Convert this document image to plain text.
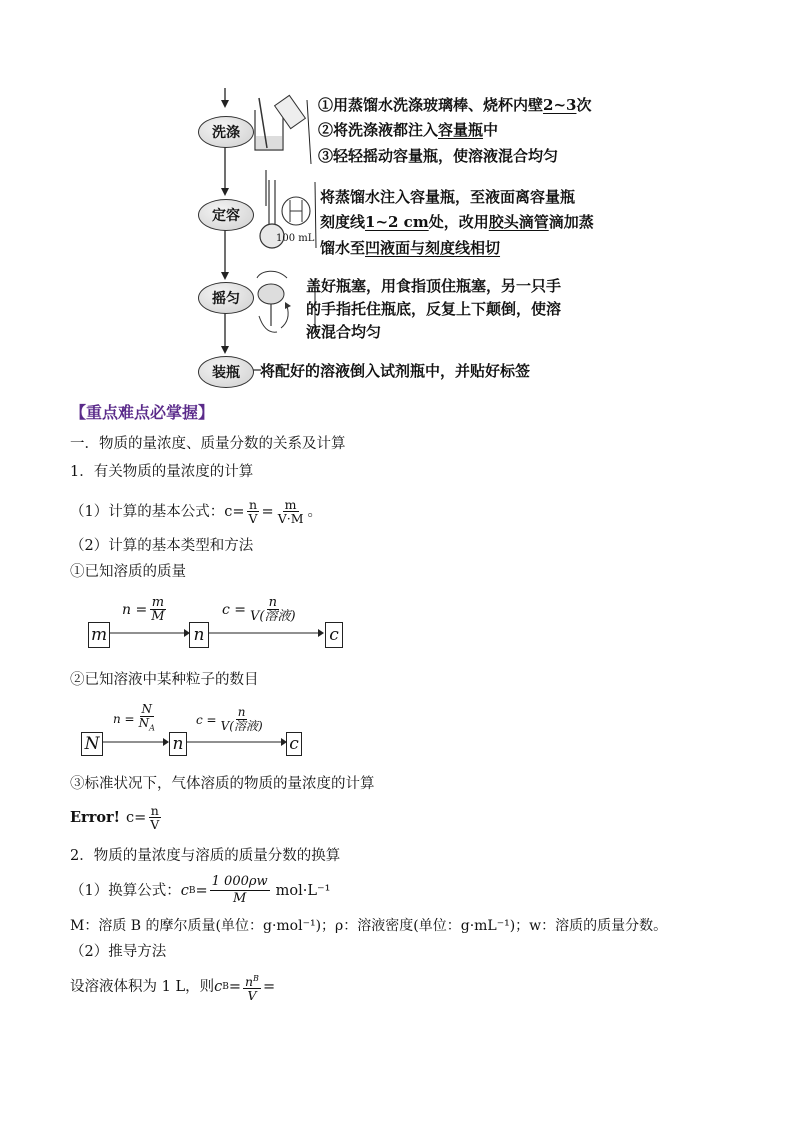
100 mL
洗涤
定容
摇匀
装瓶
①用蒸馏水洗涤玻璃棒、烧杯内壁2~3次
②将洗涤液都注入容量瓶中
③轻轻摇动容量瓶，使溶液混合均匀
将蒸馏水注入容量瓶，至液面离容量瓶
刻度线1~2 cm处，改用胶头滴管滴加蒸
馏水至凹液面与刻度线相切
盖好瓶塞，用食指顶住瓶塞，另一只手
的手指托住瓶底，反复上下颠倒，使溶
液混合均匀
将配好的溶液倒入试剂瓶中，并贴好标签
【重点难点必掌握】
一．物质的量浓度、质量分数的关系及计算
1．有关物质的量浓度的计算
（1）计算的基本公式：$c= \frac{n}{V} = \frac{m}{V\cdot M}$ 。
（2）计算的基本类型和方法
①已知溶质的质量
m	n	c
$n = \frac{m}{M}$	$c = \frac{n}{\text{V(溶液)}}$
②已知溶液中某种粒子的数目
N	n	c
$n = \frac{N}{N_A}$	$c = \frac{n}{\text{V(溶液)}}$
③标准状况下，气体溶质的物质的量浓度的计算
Error! $c= \frac{n}{V}$
2．物质的量浓度与溶质的质量分数的换算
（1）换算公式： c $B = \frac{1 000\rho w}{M} mol\cdot L^{-1}$
M：溶质 B 的摩尔质量(单位：g·mol⁻¹)；ρ：溶液密度(单位：g·mL⁻¹)；w：溶质的质量分数。
（2）推导方法
设溶液体积为 1 L，则 c $B = \frac{n^B}{V}$ =
